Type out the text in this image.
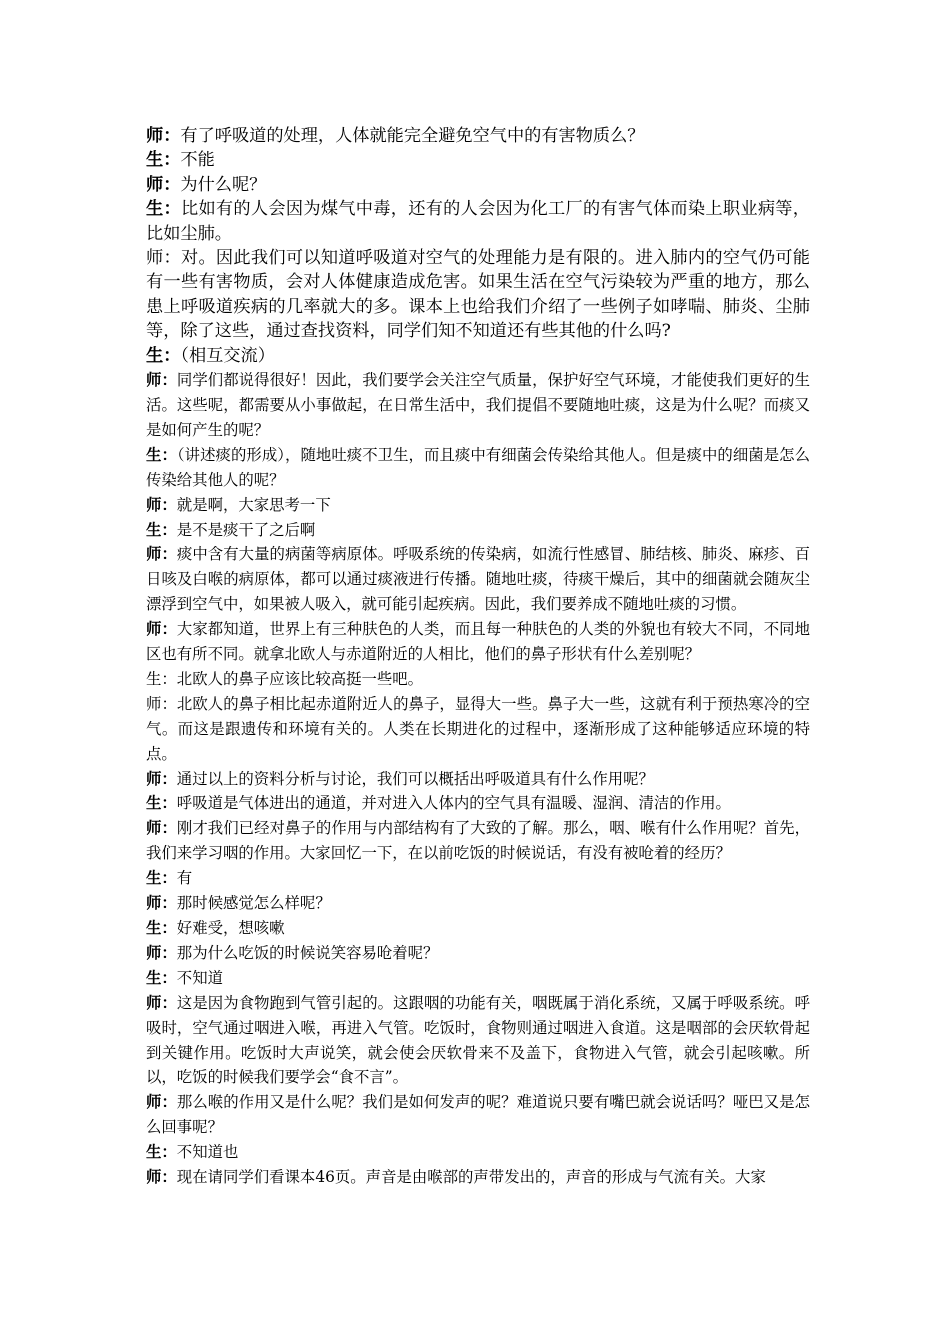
师：有了呼吸道的处理，人体就能完全避免空气中的有害物质么？

生：不能

师：为什么呢？

生：比如有的人会因为煤气中毒，还有的人会因为化工厂的有害气体而染上职业病等，比如尘肺。

师：对。因此我们可以知道呼吸道对空气的处理能力是有限的。进入肺内的空气仍可能有一些有害物质，会对人体健康造成危害。如果生活在空气污染较为严重的地方，那么患上呼吸道疾病的几率就大的多。课本上也给我们介绍了一些例子如哮喘、肺炎、尘肺等，除了这些，通过查找资料，同学们知不知道还有些其他的什么吗?

生：（相互交流）

师：同学们都说得很好！因此，我们要学会关注空气质量，保护好空气环境，才能使我们更好的生活。这些呢，都需要从小事做起，在日常生活中，我们提倡不要随地吐痰，这是为什么呢？而痰又是如何产生的呢？

生：（讲述痰的形成），随地吐痰不卫生，而且痰中有细菌会传染给其他人。但是痰中的细菌是怎么传染给其他人的呢？

师：就是啊，大家思考一下

生：是不是痰干了之后啊

师：痰中含有大量的病菌等病原体。呼吸系统的传染病，如流行性感冒、肺结核、肺炎、麻疹、百日咳及白喉的病原体，都可以通过痰液进行传播。随地吐痰，待痰干燥后，其中的细菌就会随灰尘漂浮到空气中，如果被人吸入，就可能引起疾病。因此，我们要养成不随地吐痰的习惯。

师：大家都知道，世界上有三种肤色的人类，而且每一种肤色的人类的外貌也有较大不同，不同地区也有所不同。就拿北欧人与赤道附近的人相比，他们的鼻子形状有什么差别呢？

生：北欧人的鼻子应该比较高挺一些吧。

师：北欧人的鼻子相比起赤道附近人的鼻子，显得大一些。鼻子大一些，这就有利于预热寒冷的空气。而这是跟遗传和环境有关的。人类在长期进化的过程中，逐渐形成了这种能够适应环境的特点。

师：通过以上的资料分析与讨论，我们可以概括出呼吸道具有什么作用呢？

生：呼吸道是气体进出的通道，并对进入人体内的空气具有温暖、湿润、清洁的作用。

师：刚才我们已经对鼻子的作用与内部结构有了大致的了解。那么，咽、喉有什么作用呢？首先，我们来学习咽的作用。大家回忆一下，在以前吃饭的时候说话，有没有被呛着的经历？

生：有

师：那时候感觉怎么样呢？

生：好难受，想咳嗽

师：那为什么吃饭的时候说笑容易呛着呢？

生：不知道

师：这是因为食物跑到气管引起的。这跟咽的功能有关，咽既属于消化系统，又属于呼吸系统。呼吸时，空气通过咽进入喉，再进入气管。吃饭时，食物则通过咽进入食道。这是咽部的会厌软骨起到关键作用。吃饭时大声说笑，就会使会厌软骨来不及盖下，食物进入气管，就会引起咳嗽。所以，吃饭的时候我们要学会“食不言”。

师：那么喉的作用又是什么呢？我们是如何发声的呢？难道说只要有嘴巴就会说话吗？哑巴又是怎么回事呢？

生：不知道也

师：现在请同学们看课本46页。声音是由喉部的声带发出的，声音的形成与气流有关。大家
